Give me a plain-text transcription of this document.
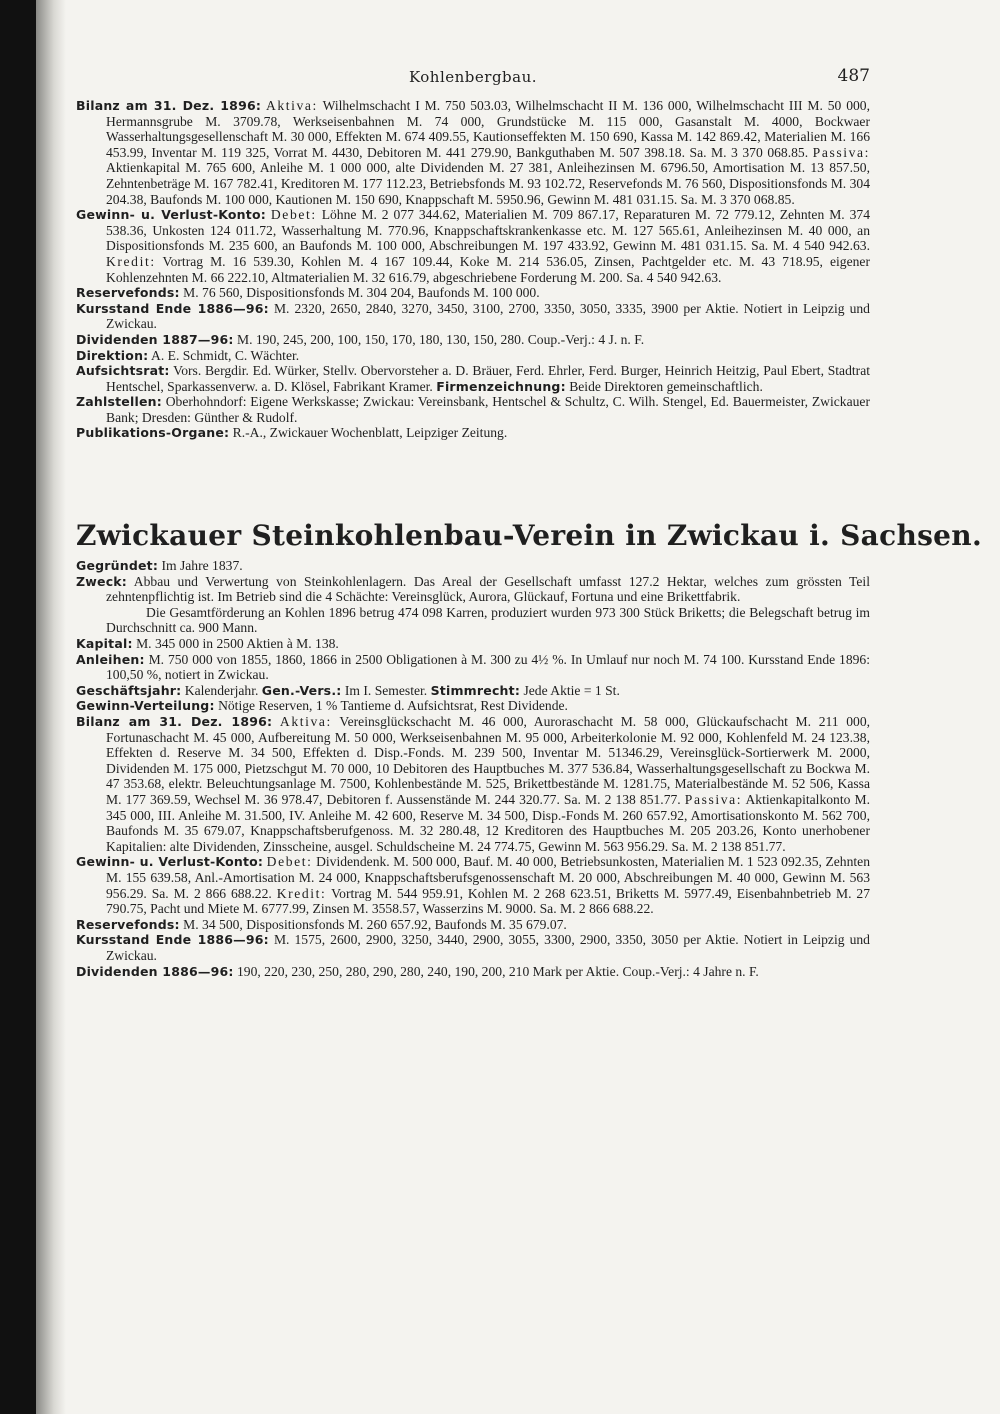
Kohlenbergbau.	487

Bilanz am 31. Dez. 1896: Aktiva: Wilhelmschacht I M. 750 503.03, Wilhelmschacht II M. 136 000, Wilhelmschacht III M. 50 000, Hermannsgrube M. 3709.78, Werkseisenbahnen M. 74 000, Grundstücke M. 115 000, Gasanstalt M. 4000, Bockwaer Wasserhaltungsgesellenschaft M. 30 000, Effekten M. 674 409.55, Kautionseffekten M. 150 690, Kassa M. 142 869.42, Materialien M. 166 453.99, Inventar M. 119 325, Vorrat M. 4430, Debitoren M. 441 279.90, Bankguthaben M. 507 398.18. Sa. M. 3 370 068.85. Passiva: Aktienkapital M. 765 600, Anleihe M. 1 000 000, alte Dividenden M. 27 381, Anleihezinsen M. 6796.50, Amortisation M. 13 857.50, Zehntenbeträge M. 167 782.41, Kreditoren M. 177 112.23, Betriebsfonds M. 93 102.72, Reservefonds M. 76 560, Dispositionsfonds M. 304 204.38, Baufonds M. 100 000, Kautionen M. 150 690, Knappschaft M. 5950.96, Gewinn M. 481 031.15. Sa. M. 3 370 068.85.

Gewinn- u. Verlust-Konto: Debet: Löhne M. 2 077 344.62, Materialien M. 709 867.17, Reparaturen M. 72 779.12, Zehnten M. 374 538.36, Unkosten 124 011.72, Wasserhaltung M. 770.96, Knappschaftskrankenkasse etc. M. 127 565.61, Anleihezinsen M. 40 000, an Dispositionsfonds M. 235 600, an Baufonds M. 100 000, Abschreibungen M. 197 433.92, Gewinn M. 481 031.15. Sa. M. 4 540 942.63. Kredit: Vortrag M. 16 539.30, Kohlen M. 4 167 109.44, Koke M. 214 536.05, Zinsen, Pachtgelder etc. M. 43 718.95, eigener Kohlenzehnten M. 66 222.10, Altmaterialien M. 32 616.79, abgeschriebene Forderung M. 200. Sa. 4 540 942.63.

Reservefonds: M. 76 560, Dispositionsfonds M. 304 204, Baufonds M. 100 000.

Kursstand Ende 1886—96: M. 2320, 2650, 2840, 3270, 3450, 3100, 2700, 3350, 3050, 3335, 3900 per Aktie. Notiert in Leipzig und Zwickau.

Dividenden 1887—96: M. 190, 245, 200, 100, 150, 170, 180, 130, 150, 280. Coup.-Verj.: 4 J. n. F.

Direktion: A. E. Schmidt, C. Wächter.

Aufsichtsrat: Vors. Bergdir. Ed. Würker, Stellv. Obervorsteher a. D. Bräuer, Ferd. Ehrler, Ferd. Burger, Heinrich Heitzig, Paul Ebert, Stadtrat Hentschel, Sparkassenverw. a. D. Klösel, Fabrikant Kramer. Firmenzeichnung: Beide Direktoren gemeinschaftlich.

Zahlstellen: Oberhohndorf: Eigene Werkskasse; Zwickau: Vereinsbank, Hentschel & Schultz, C. Wilh. Stengel, Ed. Bauermeister, Zwickauer Bank; Dresden: Günther & Rudolf.

Publikations-Organe: R.-A., Zwickauer Wochenblatt, Leipziger Zeitung.

Zwickauer Steinkohlenbau-Verein in Zwickau i. Sachsen.

Gegründet: Im Jahre 1837.

Zweck: Abbau und Verwertung von Steinkohlenlagern. Das Areal der Gesellschaft umfasst 127.2 Hektar, welches zum grössten Teil zehntenpflichtig ist. Im Betrieb sind die 4 Schächte: Vereinsglück, Aurora, Glückauf, Fortuna und eine Brikettfabrik.

Die Gesamtförderung an Kohlen 1896 betrug 474 098 Karren, produziert wurden 973 300 Stück Briketts; die Belegschaft betrug im Durchschnitt ca. 900 Mann.

Kapital: M. 345 000 in 2500 Aktien à M. 138.

Anleihen: M. 750 000 von 1855, 1860, 1866 in 2500 Obligationen à M. 300 zu 4½ %. In Umlauf nur noch M. 74 100. Kursstand Ende 1896: 100,50 %, notiert in Zwickau.

Geschäftsjahr: Kalenderjahr. Gen.-Vers.: Im I. Semester. Stimmrecht: Jede Aktie = 1 St.

Gewinn-Verteilung: Nötige Reserven, 1 % Tantieme d. Aufsichtsrat, Rest Dividende.

Bilanz am 31. Dez. 1896: Aktiva: Vereinsglückschacht M. 46 000, Auroraschacht M. 58 000, Glückaufschacht M. 211 000, Fortunaschacht M. 45 000, Aufbereitung M. 50 000, Werkseisenbahnen M. 95 000, Arbeiterkolonie M. 92 000, Kohlenfeld M. 24 123.38, Effekten d. Reserve M. 34 500, Effekten d. Disp.-Fonds. M. 239 500, Inventar M. 51346.29, Vereinsglück-Sortierwerk M. 2000, Dividenden M. 175 000, Pietzschgut M. 70 000, 10 Debitoren des Hauptbuches M. 377 536.84, Wasserhaltungsgesellschaft zu Bockwa M. 47 353.68, elektr. Beleuchtungsanlage M. 7500, Kohlenbestände M. 525, Brikettbestände M. 1281.75, Materialbestände M. 52 506, Kassa M. 177 369.59, Wechsel M. 36 978.47, Debitoren f. Aussenstände M. 244 320.77. Sa. M. 2 138 851.77. Passiva: Aktienkapitalkonto M. 345 000, III. Anleihe M. 31.500, IV. Anleihe M. 42 600, Reserve M. 34 500, Disp.-Fonds M. 260 657.92, Amortisationskonto M. 562 700, Baufonds M. 35 679.07, Knappschaftsberufgenoss. M. 32 280.48, 12 Kreditoren des Hauptbuches M. 205 203.26, Konto unerhobener Kapitalien: alte Dividenden, Zinsscheine, ausgel. Schuldscheine M. 24 774.75, Gewinn M. 563 956.29. Sa. M. 2 138 851.77.

Gewinn- u. Verlust-Konto: Debet: Dividendenk. M. 500 000, Bauf. M. 40 000, Betriebsunkosten, Materialien M. 1 523 092.35, Zehnten M. 155 639.58, Anl.-Amortisation M. 24 000, Knappschaftsberufsgenossenschaft M. 20 000, Abschreibungen M. 40 000, Gewinn M. 563 956.29. Sa. M. 2 866 688.22. Kredit: Vortrag M. 544 959.91, Kohlen M. 2 268 623.51, Briketts M. 5977.49, Eisenbahnbetrieb M. 27 790.75, Pacht und Miete M. 6777.99, Zinsen M. 3558.57, Wasserzins M. 9000. Sa. M. 2 866 688.22.

Reservefonds: M. 34 500, Dispositionsfonds M. 260 657.92, Baufonds M. 35 679.07.

Kursstand Ende 1886—96: M. 1575, 2600, 2900, 3250, 3440, 2900, 3055, 3300, 2900, 3350, 3050 per Aktie. Notiert in Leipzig und Zwickau.

Dividenden 1886—96: 190, 220, 230, 250, 280, 290, 280, 240, 190, 200, 210 Mark per Aktie. Coup.-Verj.: 4 Jahre n. F.
